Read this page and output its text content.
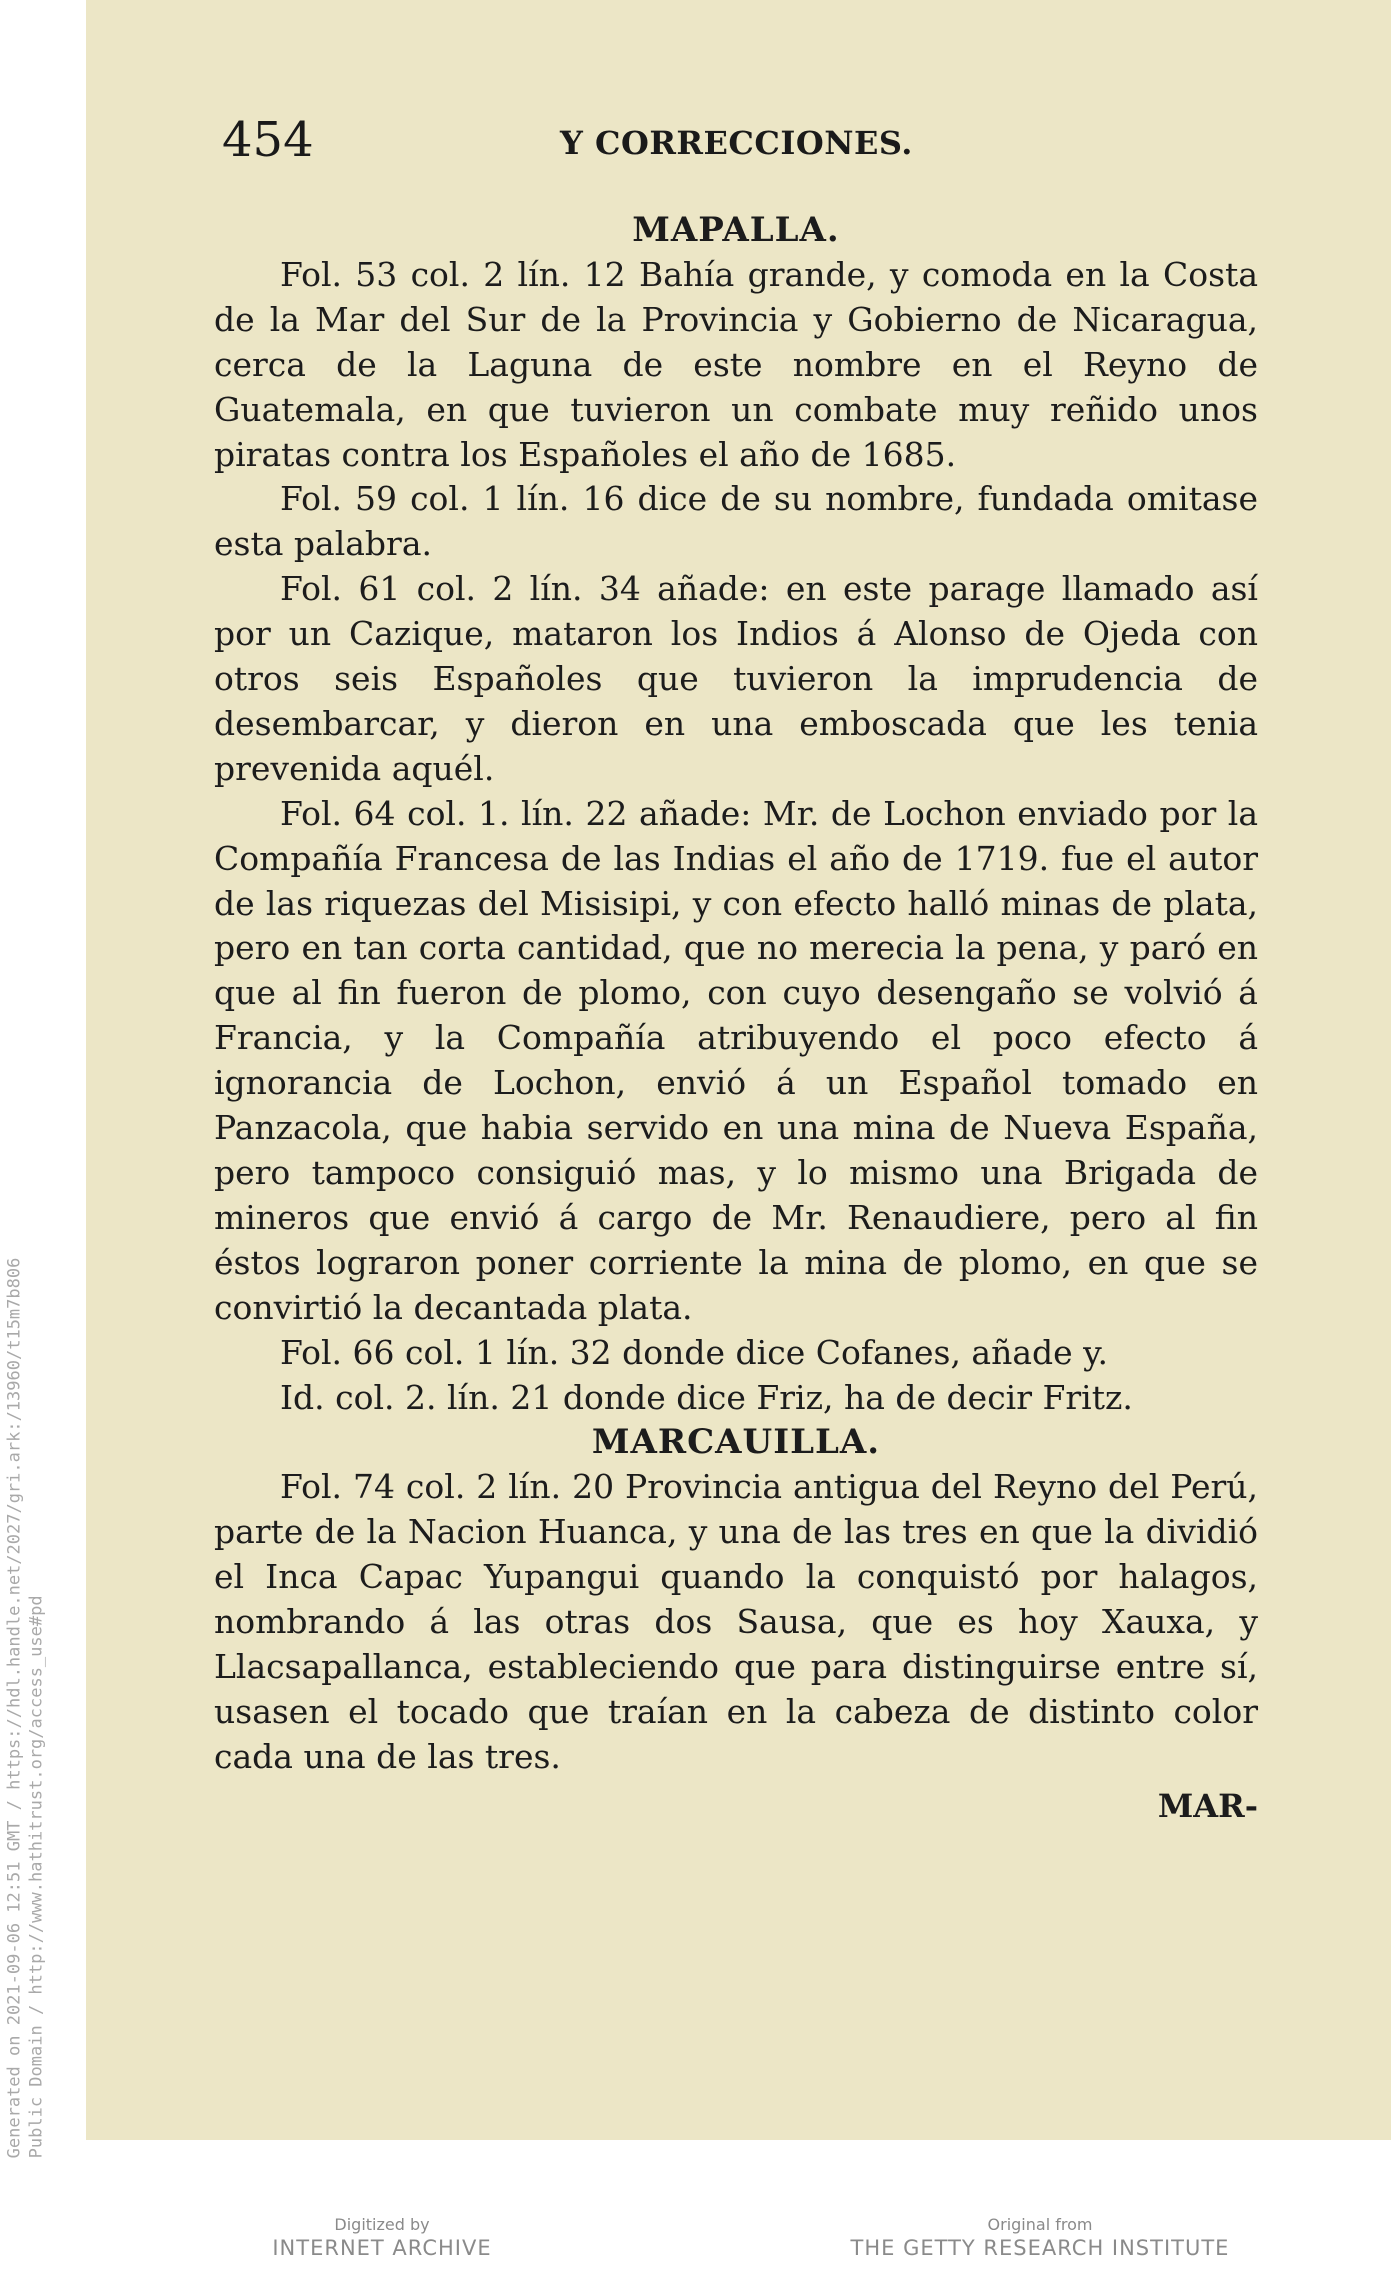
Generated on 2021-09-06 12:51 GMT / https://hdl.handle.net/2027/gri.ark:/13960/t15m7b806 Public Domain / http://www.hathitrust.org/access_use#pd
454	Y CORRECCIONES.
MAPALLA.

Fol. 53 col. 2 lín. 12 Bahía grande, y comoda en la Costa de la Mar del Sur de la Provincia y Gobierno de Nicaragua, cerca de la Laguna de este nombre en el Reyno de Guatemala, en que tuvieron un combate muy reñido unos piratas contra los Españoles el año de 1685.

Fol. 59 col. 1 lín. 16 dice de su nombre, fundada omitase esta palabra.

Fol. 61 col. 2 lín. 34 añade: en este parage llamado así por un Cazique, mataron los Indios á Alonso de Ojeda con otros seis Españoles que tuvieron la imprudencia de desembarcar, y dieron en una emboscada que les tenia prevenida aquél.

Fol. 64 col. 1. lín. 22 añade: Mr. de Lochon enviado por la Compañía Francesa de las Indias el año de 1719. fue el autor de las riquezas del Misisipi, y con efecto halló minas de plata, pero en tan corta cantidad, que no merecia la pena, y paró en que al fin fueron de plomo, con cuyo desengaño se volvió á Francia, y la Compañía atribuyendo el poco efecto á ignorancia de Lochon, envió á un Español tomado en Panzacola, que habia servido en una mina de Nueva España, pero tampoco consiguió mas, y lo mismo una Brigada de mineros que envió á cargo de Mr. Renaudiere, pero al fin éstos lograron poner corriente la mina de plomo, en que se convirtió la decantada plata.

Fol. 66 col. 1 lín. 32 donde dice Cofanes, añade y.

Id. col. 2. lín. 21 donde dice Friz, ha de decir Fritz.

MARCAUILLA.

Fol. 74 col. 2 lín. 20 Provincia antigua del Reyno del Perú, parte de la Nacion Huanca, y una de las tres en que la dividió el Inca Capac Yupangui quando la conquistó por halagos, nombrando á las otras dos Sausa, que es hoy Xauxa, y Llacsapallanca, estableciendo que para distinguirse entre sí, usasen el tocado que traían en la cabeza de distinto color cada una de las tres.

MAR-
Digitized by
INTERNET ARCHIVE
Original from
THE GETTY RESEARCH INSTITUTE
